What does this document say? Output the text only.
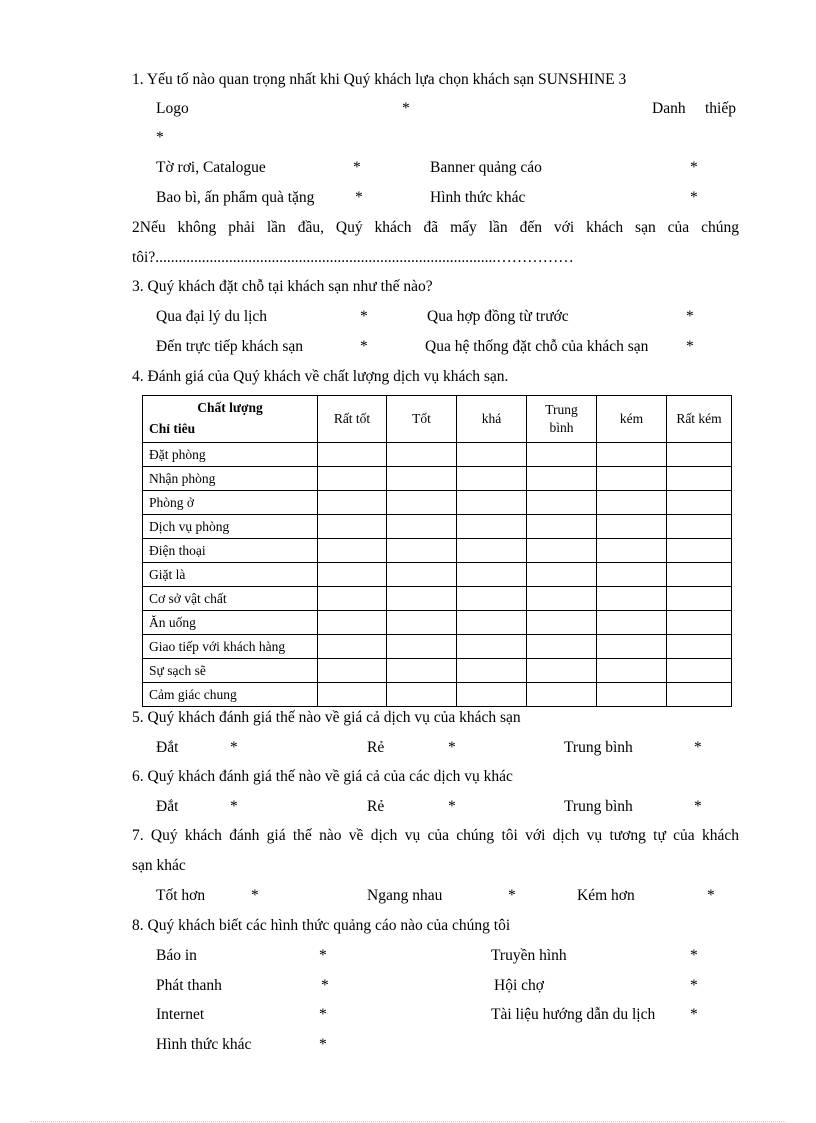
1. Yếu tố nào quan trọng nhất khi Quý khách lựa chọn khách sạn SUNSHINE 3
Logo	*	Danh thiếp
*
Tờ rơi, Catalogue	*	Banner quảng cáo	*
Bao bì, ấn phẩm quà tặng	*	Hình thức khác	*
2Nếu không phải lần đầu, Quý khách đã mấy lần đến với khách sạn của chúng
tôi?........................................................................................……………
3. Quý khách đặt chỗ tại khách sạn như thế nào?
Qua đại lý du lịch	*	Qua hợp đồng từ trước	*
Đến trực tiếp khách sạn	*	Qua hệ thống đặt chỗ của khách sạn *
4. Đánh giá của Quý khách về chất lượng dịch vụ khách sạn.
Chất lượng
Chỉ tiêu	Rất tốt	Tốt	khá	Trung bình	kém	Rất kém
Đặt phòng						
Nhận phòng						
Phòng ở						
Dịch vụ phòng						
Điện thoại						
Giặt là						
Cơ sở vật chất						
Ăn uống						
Giao tiếp với khách hàng						
Sự sạch sẽ						
Cảm giác chung						
5. Quý khách đánh giá thế nào về giá cả dịch vụ của khách sạn
Đắt	*	Rẻ	*	Trung bình	*
6. Quý khách đánh giá thế nào về giá cả của các dịch vụ khác
Đắt	*	Rẻ	*	Trung bình	*
7. Quý khách đánh giá thế nào về dịch vụ của chúng tôi với dịch vụ tương tự của khách
sạn khác
Tốt hơn	*	Ngang nhau	*	Kém hơn	*
8. Quý khách biết các hình thức quảng cáo nào của chúng tôi
Báo in	*	Truyền hình	*
Phát thanh	*	Hội chợ	*
Internet	*	Tài liệu hướng dẫn du lịch *
Hình thức khác	*
